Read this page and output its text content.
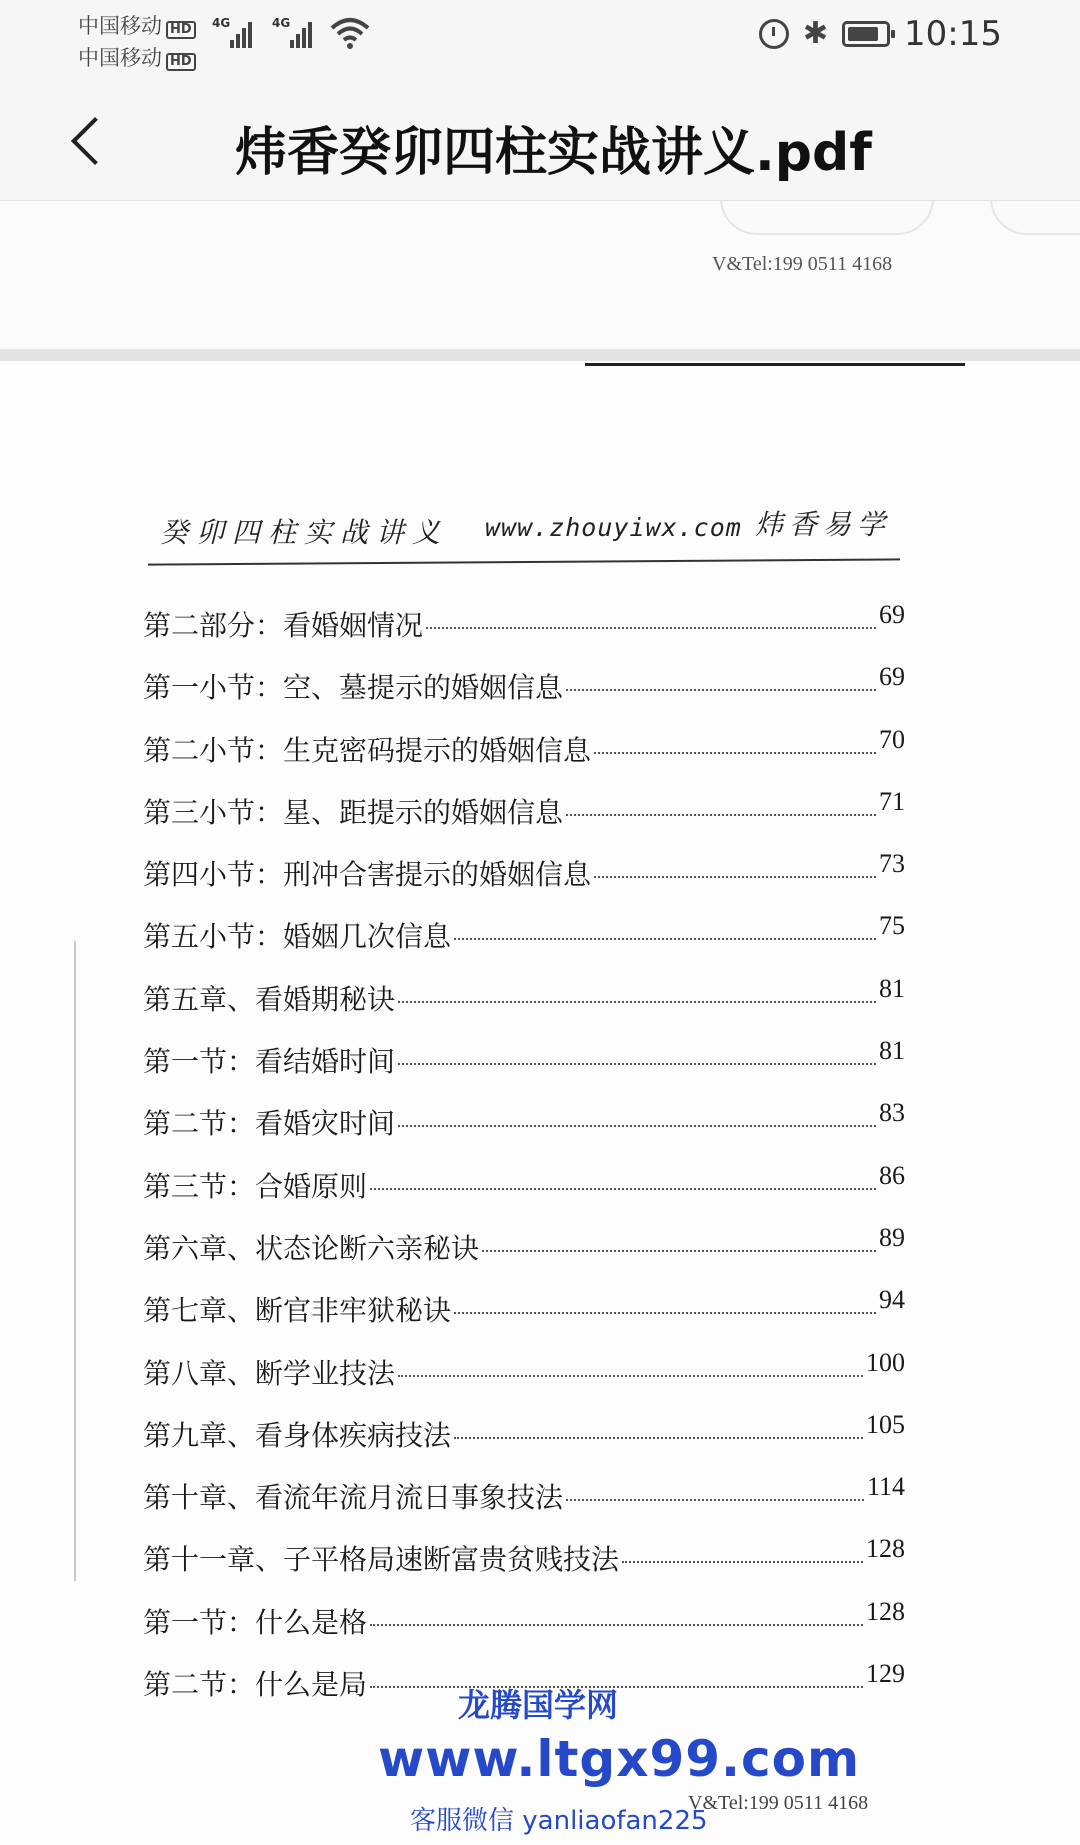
中国移动 HD
中国移动 HD
4G	4G	✱ 10:15
炜香癸卯四柱实战讲义.pdf
V&Tel:199 0511 4168
癸卯四柱实战讲义 www.zhouyiwx.com 炜香易学
第二部分：看婚姻情况	69
第一小节：空、墓提示的婚姻信息	69
第二小节：生克密码提示的婚姻信息	70
第三小节：星、距提示的婚姻信息	71
第四小节：刑冲合害提示的婚姻信息	73
第五小节：婚姻几次信息	75
第五章、看婚期秘诀	81
第一节：看结婚时间	81
第二节：看婚灾时间	83
第三节：合婚原则	86
第六章、状态论断六亲秘诀	89
第七章、断官非牢狱秘诀	94
第八章、断学业技法	100
第九章、看身体疾病技法	105
第十章、看流年流月流日事象技法	114
第十一章、子平格局速断富贵贫贱技法	128
第一节：什么是格	128
第二节：什么是局	129
V&Tel:199 0511 4168
龙腾国学网
www.ltgx99.com
客服微信 yanliaofan225
